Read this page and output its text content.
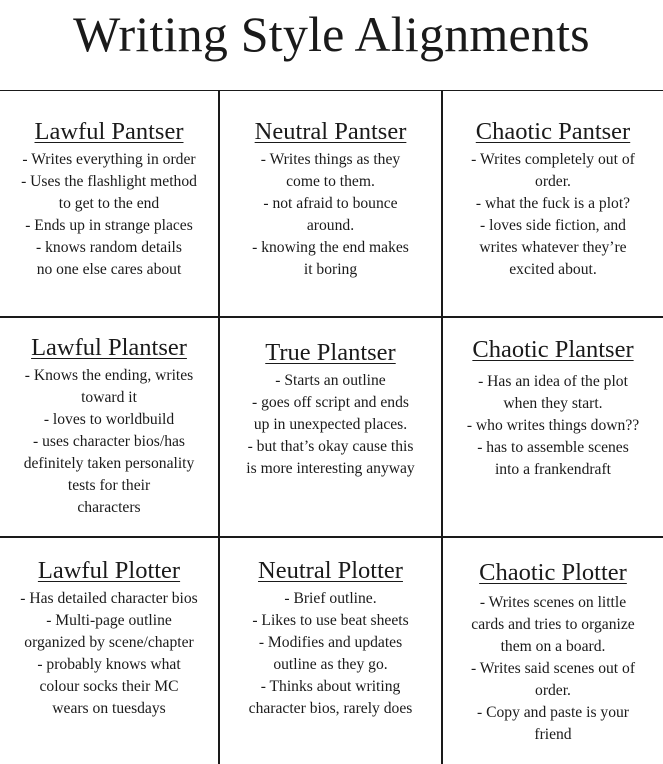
Writing Style Alignments
Lawful Pantser
- Writes everything in order
- Uses the flashlight method
to get to the end
- Ends up in strange places
- knows random details
no one else cares about
Neutral Pantser
- Writes things as they
come to them.
- not afraid to bounce
around.
- knowing the end makes
it boring
Chaotic Pantser
- Writes completely out of
order.
- what the fuck is a plot?
- loves side fiction, and
writes whatever they’re
excited about.
Lawful Plantser
- Knows the ending, writes
toward it
- loves to worldbuild
- uses character bios/has
definitely taken personality
tests for their
characters
True Plantser
- Starts an outline
- goes off script and ends
up in unexpected places.
- but that’s okay cause this
is more interesting anyway
Chaotic Plantser
- Has an idea of the plot
when they start.
- who writes things down??
- has to assemble scenes
into a frankendraft
Lawful Plotter
- Has detailed character bios
- Multi-page outline
organized by scene/chapter
- probably knows what
colour socks their MC
wears on tuesdays
Neutral Plotter
- Brief outline.
- Likes to use beat sheets
- Modifies and updates
outline as they go.
- Thinks about writing
character bios, rarely does
Chaotic Plotter
- Writes scenes on little
cards and tries to organize
them on a board.
- Writes said scenes out of
order.
- Copy and paste is your
friend
